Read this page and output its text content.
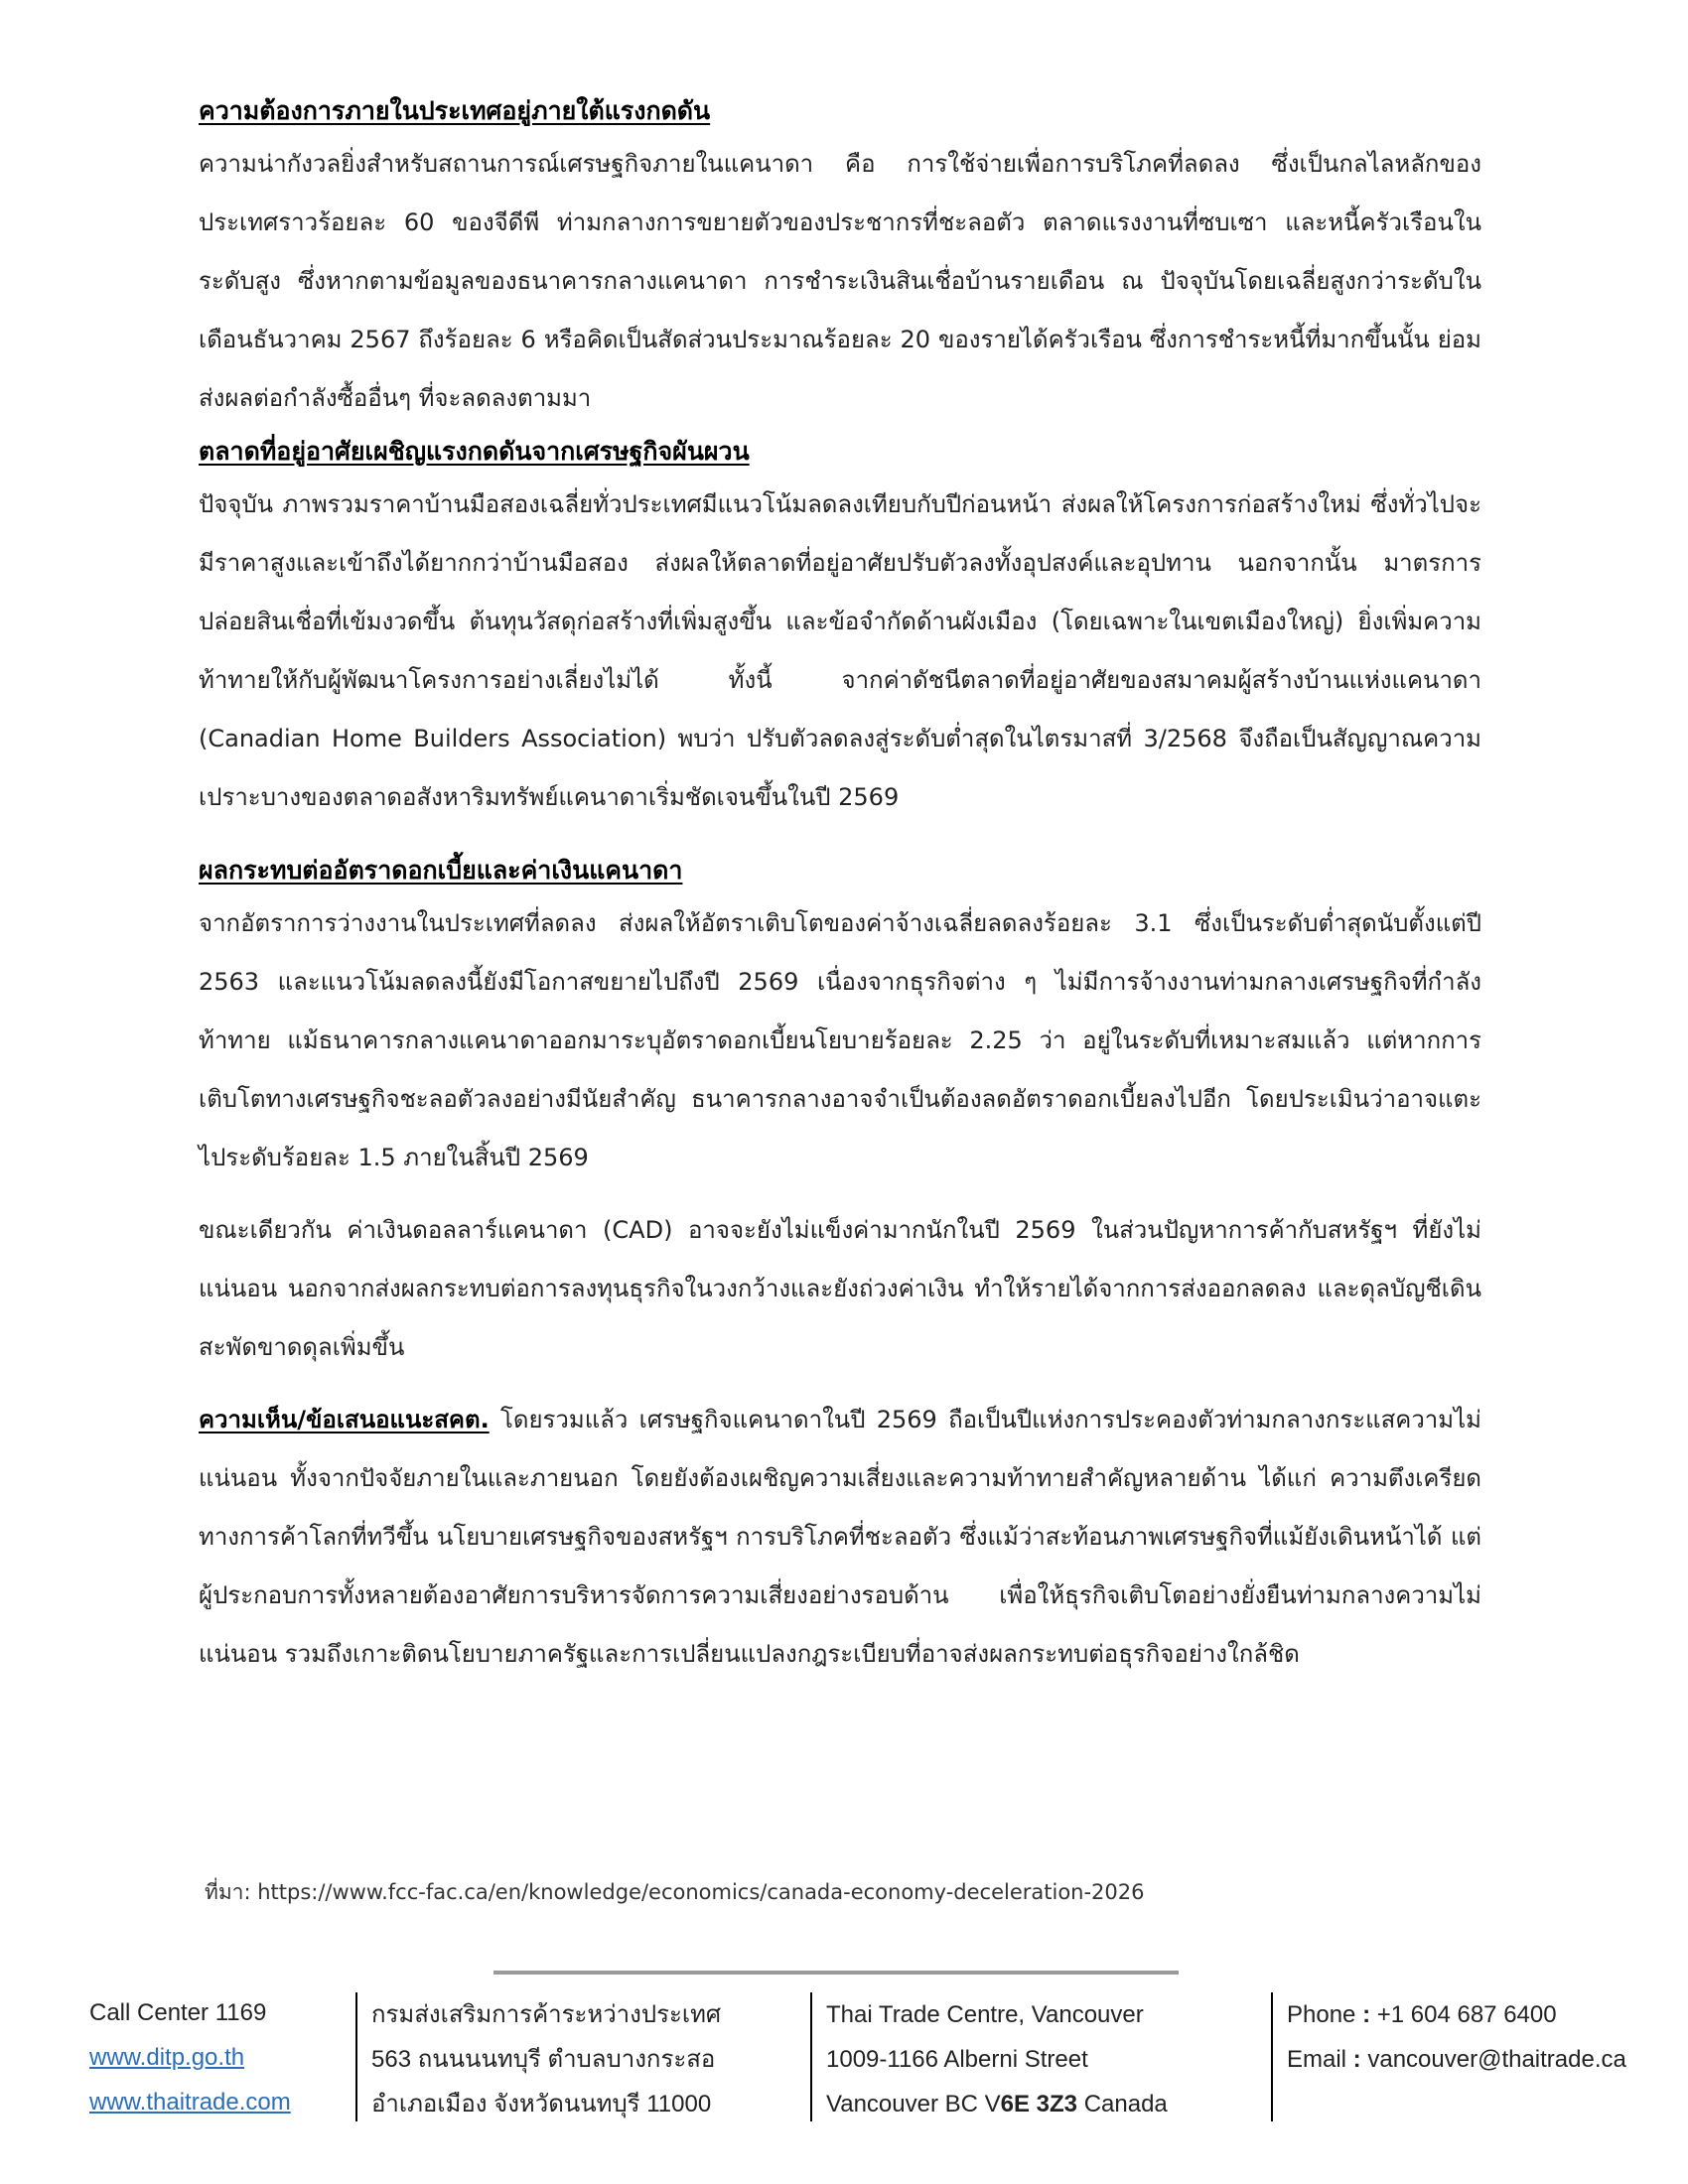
ความต้องการภายในประเทศอยู่ภายใต้แรงกดดัน

ความน่ากังวลยิ่งสำหรับสถานการณ์เศรษฐกิจภายในแคนาดา คือ การใช้จ่ายเพื่อการบริโภคที่ลดลง ซึ่งเป็นกลไลหลักของประเทศราวร้อยละ 60 ของจีดีพี ท่ามกลางการขยายตัวของประชากรที่ชะลอตัว ตลาดแรงงานที่ซบเซา และหนี้ครัวเรือนในระดับสูง ซึ่งหากตามข้อมูลของธนาคารกลางแคนาดา การชำระเงินสินเชื่อบ้านรายเดือน ณ ปัจจุบันโดยเฉลี่ยสูงกว่าระดับในเดือนธันวาคม 2567 ถึงร้อยละ 6 หรือคิดเป็นสัดส่วนประมาณร้อยละ 20 ของรายได้ครัวเรือน ซึ่งการชำระหนี้ที่มากขึ้นนั้น ย่อมส่งผลต่อกำลังซื้ออื่นๆ ที่จะลดลงตามมา

ตลาดที่อยู่อาศัยเผชิญแรงกดดันจากเศรษฐกิจผันผวน

ปัจจุบัน ภาพรวมราคาบ้านมือสองเฉลี่ยทั่วประเทศมีแนวโน้มลดลงเทียบกับปีก่อนหน้า ส่งผลให้โครงการก่อสร้างใหม่ ซึ่งทั่วไปจะมีราคาสูงและเข้าถึงได้ยากกว่าบ้านมือสอง ส่งผลให้ตลาดที่อยู่อาศัยปรับตัวลงทั้งอุปสงค์และอุปทาน นอกจากนั้น มาตรการปล่อยสินเชื่อที่เข้มงวดขึ้น ต้นทุนวัสดุก่อสร้างที่เพิ่มสูงขึ้น และข้อจำกัดด้านผังเมือง (โดยเฉพาะในเขตเมืองใหญ่) ยิ่งเพิ่มความท้าทายให้กับผู้พัฒนาโครงการอย่างเลี่ยงไม่ได้ ทั้งนี้ จากค่าดัชนีตลาดที่อยู่อาศัยของสมาคมผู้สร้างบ้านแห่งแคนาดา (Canadian Home Builders Association) พบว่า ปรับตัวลดลงสู่ระดับต่ำสุดในไตรมาสที่ 3/2568 จึงถือเป็นสัญญาณความเปราะบางของตลาดอสังหาริมทรัพย์แคนาดาเริ่มชัดเจนขึ้นในปี 2569

ผลกระทบต่ออัตราดอกเบี้ยและค่าเงินแคนาดา

จากอัตราการว่างงานในประเทศที่ลดลง ส่งผลให้อัตราเติบโตของค่าจ้างเฉลี่ยลดลงร้อยละ 3.1 ซึ่งเป็นระดับต่ำสุดนับตั้งแต่ปี 2563 และแนวโน้มลดลงนี้ยังมีโอกาสขยายไปถึงปี 2569 เนื่องจากธุรกิจต่าง ๆ ไม่มีการจ้างงานท่ามกลางเศรษฐกิจที่กำลังท้าทาย แม้ธนาคารกลางแคนาดาออกมาระบุอัตราดอกเบี้ยนโยบายร้อยละ 2.25 ว่า อยู่ในระดับที่เหมาะสมแล้ว แต่หากการเติบโตทางเศรษฐกิจชะลอตัวลงอย่างมีนัยสำคัญ ธนาคารกลางอาจจำเป็นต้องลดอัตราดอกเบี้ยลงไปอีก โดยประเมินว่าอาจแตะไประดับร้อยละ 1.5 ภายในสิ้นปี 2569

ขณะเดียวกัน ค่าเงินดอลลาร์แคนาดา (CAD) อาจจะยังไม่แข็งค่ามากนักในปี 2569 ในส่วนปัญหาการค้ากับสหรัฐฯ ที่ยังไม่แน่นอน นอกจากส่งผลกระทบต่อการลงทุนธุรกิจในวงกว้างและยังถ่วงค่าเงิน ทำให้รายได้จากการส่งออกลดลง และดุลบัญชีเดินสะพัดขาดดุลเพิ่มขึ้น

ความเห็น/ข้อเสนอแนะสคต. โดยรวมแล้ว เศรษฐกิจแคนาดาในปี 2569 ถือเป็นปีแห่งการประคองตัวท่ามกลางกระแสความไม่แน่นอน ทั้งจากปัจจัยภายในและภายนอก โดยยังต้องเผชิญความเสี่ยงและความท้าทายสำคัญหลายด้าน ได้แก่ ความตึงเครียดทางการค้าโลกที่ทวีขึ้น นโยบายเศรษฐกิจของสหรัฐฯ การบริโภคที่ชะลอตัว ซึ่งแม้ว่าสะท้อนภาพเศรษฐกิจที่แม้ยังเดินหน้าได้ แต่ผู้ประกอบการทั้งหลายต้องอาศัยการบริหารจัดการความเสี่ยงอย่างรอบด้าน เพื่อให้ธุรกิจเติบโตอย่างยั่งยืนท่ามกลางความไม่แน่นอน รวมถึงเกาะติดนโยบายภาครัฐและการเปลี่ยนแปลงกฎระเบียบที่อาจส่งผลกระทบต่อธุรกิจอย่างใกล้ชิด

ที่มา: https://www.fcc-fac.ca/en/knowledge/economics/canada-economy-deceleration-2026
Call Center 1169
www.ditp.go.th
www.thaitrade.com
กรมส่งเสริมการค้าระหว่างประเทศ
563 ถนนนนทบุรี ตำบลบางกระสอ
อำเภอเมือง จังหวัดนนทบุรี 11000
Thai Trade Centre, Vancouver
1009-1166 Alberni Street
Vancouver BC V6E 3Z3 Canada
Phone : +1 604 687 6400
Email : vancouver@thaitrade.ca
